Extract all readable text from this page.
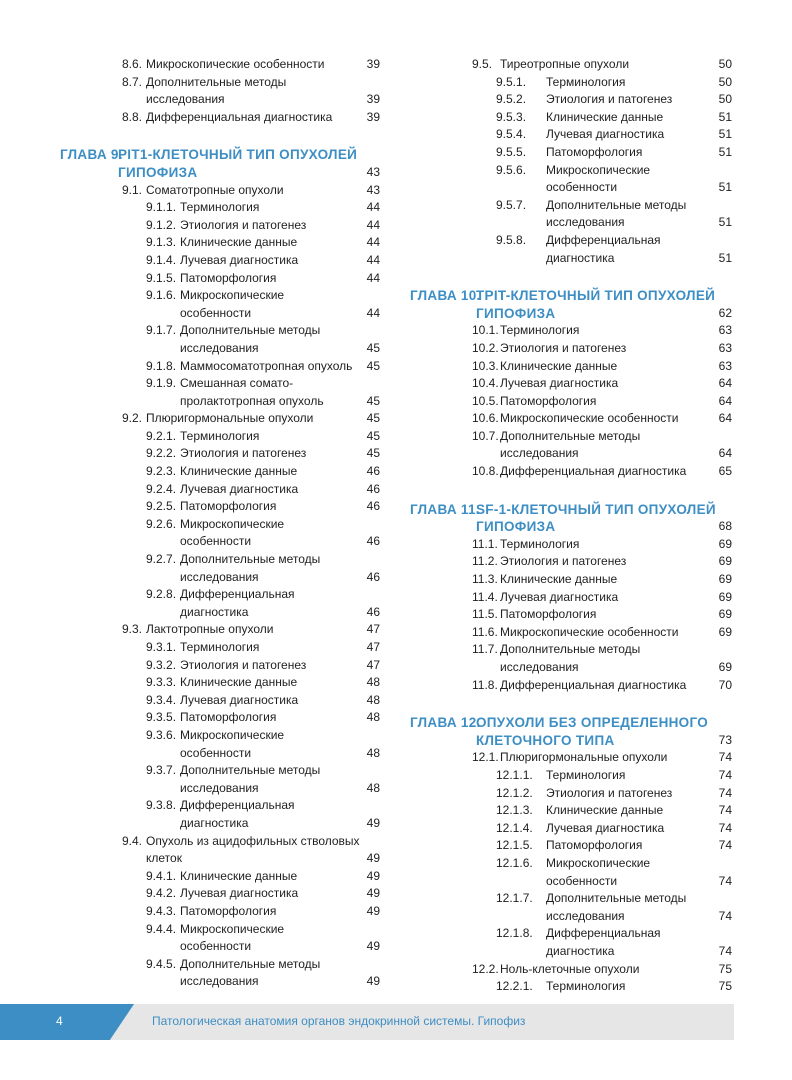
8.6. Микроскопические особенности	39
8.7. Дополнительные методы
исследования	39
8.8. Дифференциальная диагностика	39
ГЛАВА 9.
PIT1-КЛЕТОЧНЫЙ ТИП ОПУХОЛЕЙ
ГИПОФИЗА	43
9.1. Соматотропные опухоли	43
9.1.1. Терминология	44
9.1.2. Этиология и патогенез	44
9.1.3. Клинические данные	44
9.1.4. Лучевая диагностика	44
9.1.5. Патоморфология	44
9.1.6. Микроскопические
особенности	44
9.1.7. Дополнительные методы
исследования	45
9.1.8. Маммосоматотропная опухоль	45
9.1.9. Смешанная сомато-
пролактотропная опухоль	45
9.2. Плюригормональные опухоли	45
9.2.1. Терминология	45
9.2.2. Этиология и патогенез	45
9.2.3. Клинические данные	46
9.2.4. Лучевая диагностика	46
9.2.5. Патоморфология	46
9.2.6. Микроскопические
особенности	46
9.2.7. Дополнительные методы
исследования	46
9.2.8. Дифференциальная
диагностика	46
9.3. Лактотропные опухоли	47
9.3.1. Терминология	47
9.3.2. Этиология и патогенез	47
9.3.3. Клинические данные	48
9.3.4. Лучевая диагностика	48
9.3.5. Патоморфология	48
9.3.6. Микроскопические
особенности	48
9.3.7. Дополнительные методы
исследования	48
9.3.8. Дифференциальная
диагностика	49
9.4. Опухоль из ацидофильных стволовых
клеток	49
9.4.1. Клинические данные	49
9.4.2. Лучевая диагностика	49
9.4.3. Патоморфология	49
9.4.4. Микроскопические
особенности	49
9.4.5. Дополнительные методы
исследования	49
9.5. Тиреотропные опухоли	50
9.5.1.	Терминология	50
9.5.2.	Этиология и патогенез	50
9.5.3.	Клинические данные	51
9.5.4.	Лучевая диагностика	51
9.5.5.	Патоморфология	51
9.5.6.	Микроскопические
особенности	51
9.5.7.	Дополнительные методы
исследования	51
9.5.8.	Дифференциальная
диагностика	51
ГЛАВА 10.
TPIT-КЛЕТОЧНЫЙ ТИП ОПУХОЛЕЙ
ГИПОФИЗА	62
10.1. Терминология	63
10.2. Этиология и патогенез	63
10.3. Клинические данные	63
10.4. Лучевая диагностика	64
10.5. Патоморфология	64
10.6. Микроскопические особенности	64
10.7. Дополнительные методы
исследования	64
10.8. Дифференциальная диагностика	65
ГЛАВА 11.
SF-1-КЛЕТОЧНЫЙ ТИП ОПУХОЛЕЙ
ГИПОФИЗА	68
11.1. Терминология	69
11.2. Этиология и патогенез	69
11.3. Клинические данные	69
11.4. Лучевая диагностика	69
11.5. Патоморфология	69
11.6. Микроскопические особенности	69
11.7. Дополнительные методы
исследования	69
11.8. Дифференциальная диагностика	70
ГЛАВА 12.
ОПУХОЛИ БЕЗ ОПРЕДЕЛЕННОГО
КЛЕТОЧНОГО ТИПА	73
12.1. Плюригормональные опухоли	74
12.1.1.	Терминология	74
12.1.2.	Этиология и патогенез	74
12.1.3.	Клинические данные	74
12.1.4.	Лучевая диагностика	74
12.1.5.	Патоморфология	74
12.1.6.	Микроскопические
особенности	74
12.1.7.	Дополнительные методы
исследования	74
12.1.8.	Дифференциальная
диагностика	74
12.2. Ноль-клеточные опухоли	75
12.2.1.	Терминология	75
4	Патологическая анатомия органов эндокринной системы. Гипофиз
